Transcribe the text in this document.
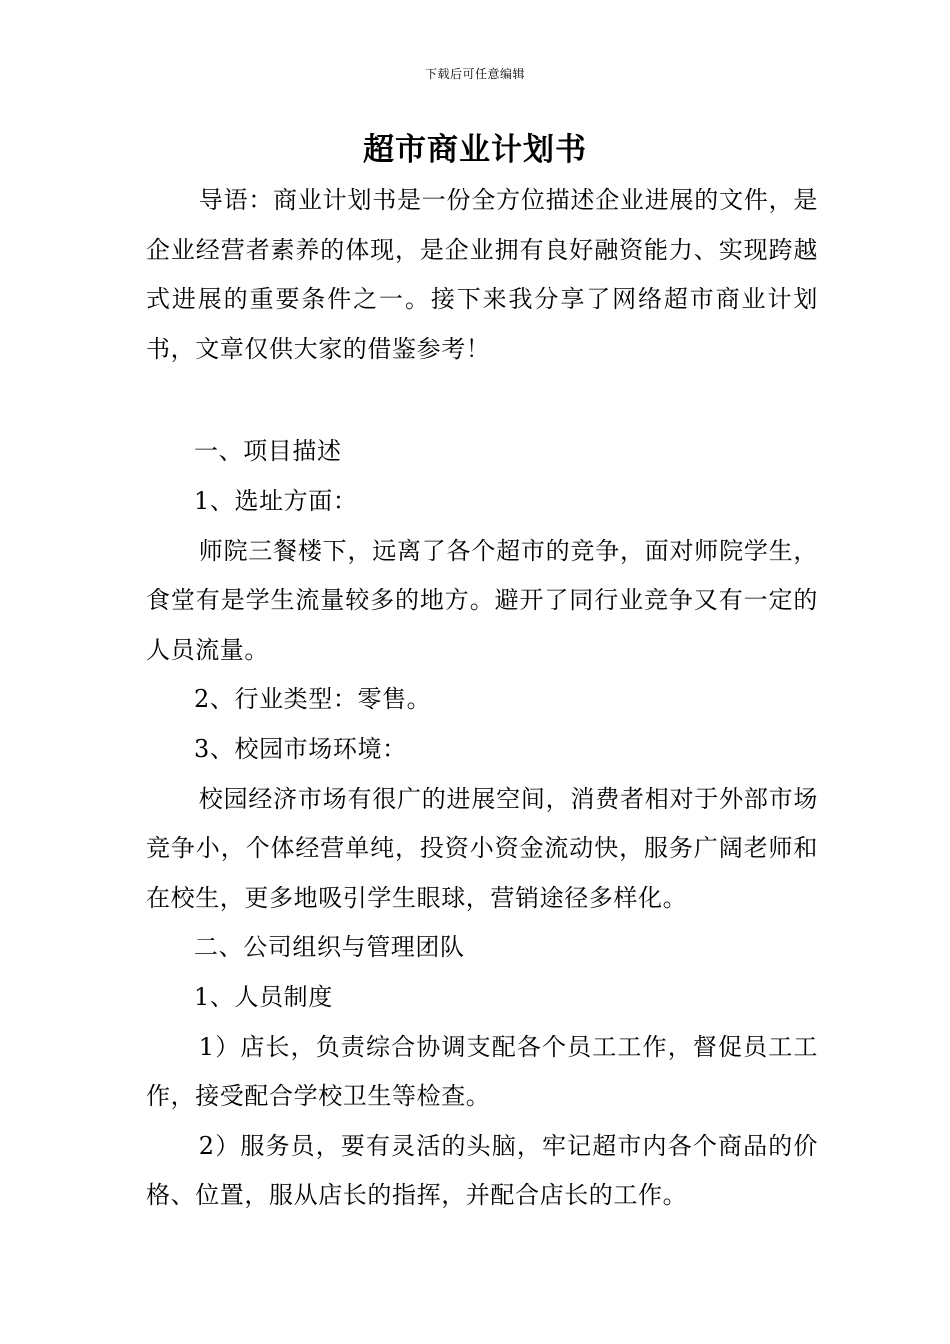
下载后可任意编辑
超市商业计划书

导语：商业计划书是一份全方位描述企业进展的文件，是企业经营者素养的体现，是企业拥有良好融资能力、实现跨越式进展的重要条件之一。接下来我分享了网络超市商业计划书，文章仅供大家的借鉴参考！

一、项目描述

1、选址方面：

师院三餐楼下，远离了各个超市的竞争，面对师院学生，食堂有是学生流量较多的地方。避开了同行业竞争又有一定的人员流量。

2、行业类型：零售。

3、校园市场环境：

校园经济市场有很广的进展空间，消费者相对于外部市场竞争小，个体经营单纯，投资小资金流动快，服务广阔老师和在校生，更多地吸引学生眼球，营销途径多样化。

二、公司组织与管理团队

1、人员制度

1）店长，负责综合协调支配各个员工工作，督促员工工作，接受配合学校卫生等检查。

2）服务员，要有灵活的头脑，牢记超市内各个商品的价格、位置，服从店长的指挥，并配合店长的工作。
